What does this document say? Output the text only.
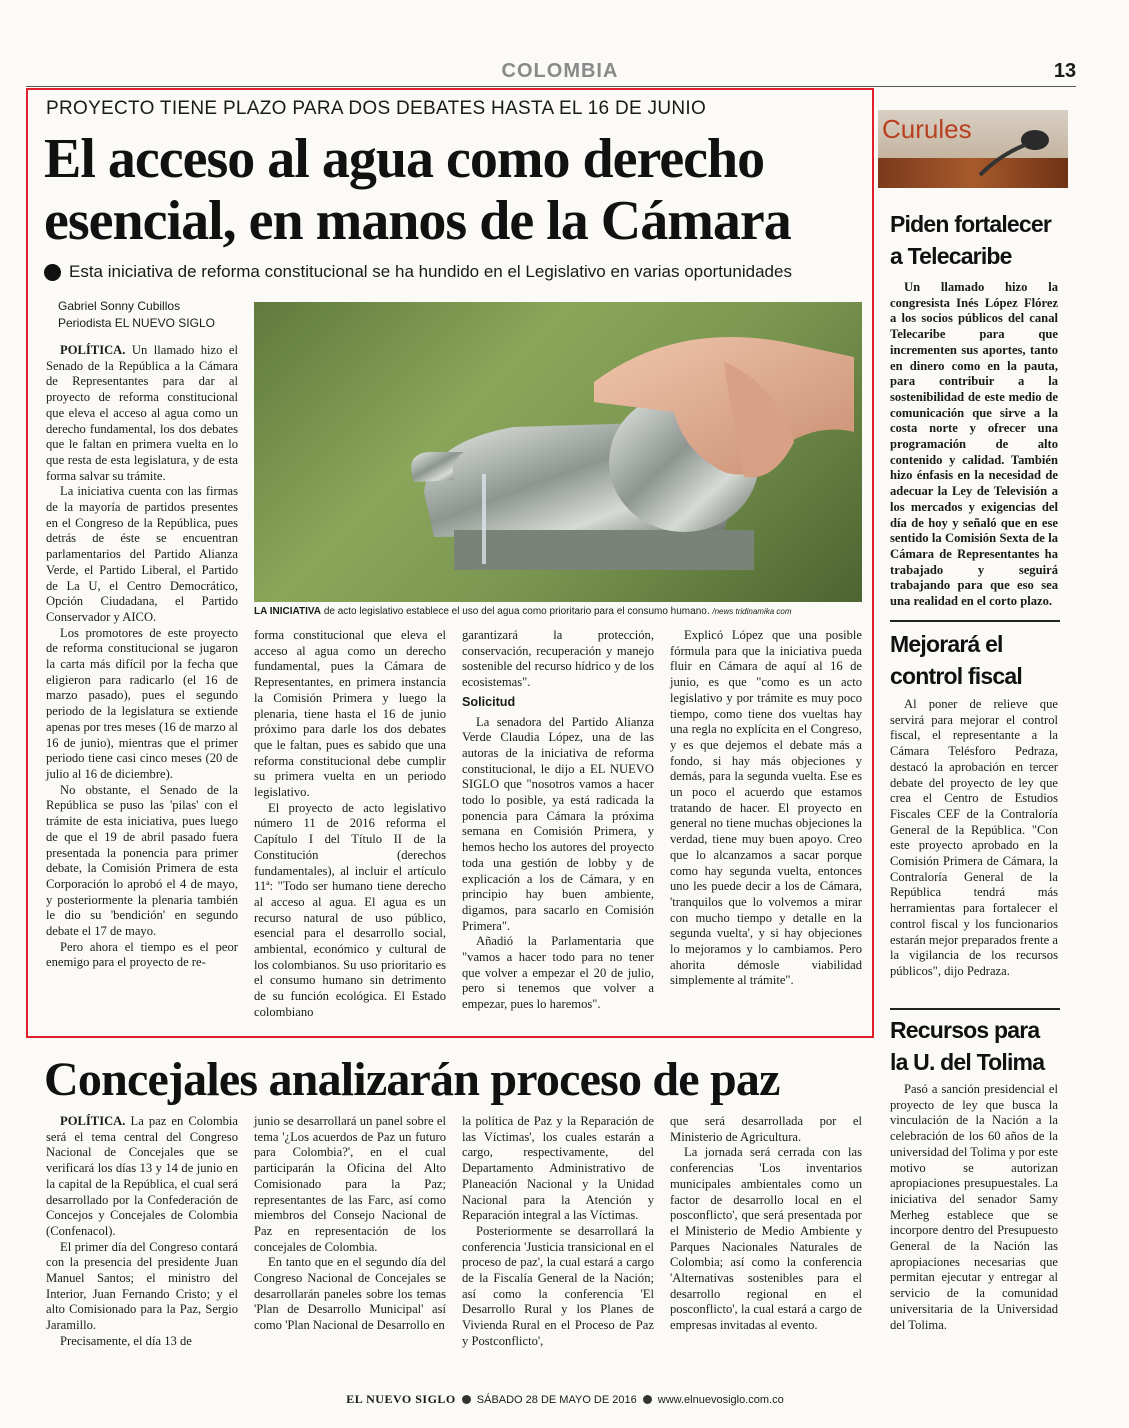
COLOMBIA	13
PROYECTO TIENE PLAZO PARA DOS DEBATES HASTA EL 16 DE JUNIO
El acceso al agua como derecho
esencial, en manos de la Cámara
Esta iniciativa de reforma constitucional se ha hundido en el Legislativo en varias oportunidades
Gabriel Sonny Cubillos
Periodista EL NUEVO SIGLO
LA INICIATIVA de acto legislativo establece el uso del agua como prioritario para el consumo humano. /news tridinamika com

POLÍTICA. Un llamado hizo el Senado de la República a la Cámara de Representantes para dar al proyecto de reforma constitucional que eleva el acceso al agua como un derecho fundamental, los dos debates que le faltan en primera vuelta en lo que resta de esta legislatura, y de esta forma salvar su trámite.

La iniciativa cuenta con las firmas de la mayoría de partidos presentes en el Congreso de la República, pues detrás de éste se encuentran parlamentarios del Partido Alianza Verde, el Partido Liberal, el Partido de La U, el Centro Democrático, Opción Ciudadana, el Partido Conservador y AICO.

Los promotores de este proyecto de reforma constitucional se jugaron la carta más difícil por la fecha que eligieron para radicarlo (el 16 de marzo pasado), pues el segundo periodo de la legislatura se extiende apenas por tres meses (16 de marzo al 16 de junio), mientras que el primer periodo tiene casi cinco meses (20 de julio al 16 de diciembre).

No obstante, el Senado de la República se puso las 'pilas' con el trámite de esta iniciativa, pues luego de que el 19 de abril pasado fuera presentada la ponencia para primer debate, la Comisión Primera de esta Corporación lo aprobó el 4 de mayo, y posteriormente la plenaria también le dio su 'bendición' en segundo debate el 17 de mayo.

Pero ahora el tiempo es el peor enemigo para el proyecto de re-

forma constitucional que eleva el acceso al agua como un derecho fundamental, pues la Cámara de Representantes, en primera instancia la Comisión Primera y luego la plenaria, tiene hasta el 16 de junio próximo para darle los dos debates que le faltan, pues es sabido que una reforma constitucional debe cumplir su primera vuelta en un periodo legislativo.

El proyecto de acto legislativo número 11 de 2016 reforma el Capítulo I del Título II de la Constitución (derechos fundamentales), al incluir el artículo 11ª: "Todo ser humano tiene derecho al acceso al agua. El agua es un recurso natural de uso público, esencial para el desarrollo social, ambiental, económico y cultural de los colombianos. Su uso prioritario es el consumo humano sin detrimento de su función ecológica. El Estado colombiano

garantizará la protección, conservación, recuperación y manejo sostenible del recurso hídrico y de los ecosistemas".

Solicitud

La senadora del Partido Alianza Verde Claudia López, una de las autoras de la iniciativa de reforma constitucional, le dijo a EL NUEVO SIGLO que "nosotros vamos a hacer todo lo posible, ya está radicada la ponencia para Cámara la próxima semana en Comisión Primera, y hemos hecho los autores del proyecto toda una gestión de lobby y de explicación a los de Cámara, y en principio hay buen ambiente, digamos, para sacarlo en Comisión Primera".

Añadió la Parlamentaria que "vamos a hacer todo para no tener que volver a empezar el 20 de julio, pero si tenemos que volver a empezar, pues lo haremos".

Explicó López que una posible fórmula para que la iniciativa pueda fluir en Cámara de aquí al 16 de junio, es que "como es un acto legislativo y por trámite es muy poco tiempo, como tiene dos vueltas hay una regla no explícita en el Congreso, y es que dejemos el debate más a fondo, si hay más objeciones y demás, para la segunda vuelta. Ese es un poco el acuerdo que estamos tratando de hacer. El proyecto en general no tiene muchas objeciones la verdad, tiene muy buen apoyo. Creo que lo alcanzamos a sacar porque como hay segunda vuelta, entonces uno les puede decir a los de Cámara, 'tranquilos que lo volvemos a mirar con mucho tiempo y detalle en la segunda vuelta', y si hay objeciones lo mejoramos y lo cambiamos. Pero ahorita démosle viabilidad simplemente al trámite".

Curules
Piden fortalecer
a Telecaribe

Un llamado hizo la congresista Inés López Flórez a los socios públicos del canal Telecaribe para que incrementen sus aportes, tanto en dinero como en la pauta, para contribuir a la sostenibilidad de este medio de comunicación que sirve a la costa norte y ofrecer una programación de alto contenido y calidad. También hizo énfasis en la necesidad de adecuar la Ley de Televisión a los mercados y exigencias del día de hoy y señaló que en ese sentido la Comisión Sexta de la Cámara de Representantes ha trabajado y seguirá trabajando para que eso sea una realidad en el corto plazo.

Mejorará el
control fiscal

Al poner de relieve que servirá para mejorar el control fiscal, el representante a la Cámara Telésforo Pedraza, destacó la aprobación en tercer debate del proyecto de ley que crea el Centro de Estudios Fiscales CEF de la Contraloría General de la República. "Con este proyecto aprobado en la Comisión Primera de Cámara, la Contraloría General de la República tendrá más herramientas para fortalecer el control fiscal y los funcionarios estarán mejor preparados frente a la vigilancia de los recursos públicos", dijo Pedraza.

Recursos para
la U. del Tolima

Pasó a sanción presidencial el proyecto de ley que busca la vinculación de la Nación a la celebración de los 60 años de la universidad del Tolima y por este motivo se autorizan apropiaciones presupuestales. La iniciativa del senador Samy Merheg establece que se incorpore dentro del Presupuesto General de la Nación las apropiaciones necesarias que permitan ejecutar y entregar al servicio de la comunidad universitaria de la Universidad del Tolima.

Concejales analizarán proceso de paz

POLÍTICA. La paz en Colombia será el tema central del Congreso Nacional de Concejales que se verificará los días 13 y 14 de junio en la capital de la República, el cual será desarrollado por la Confederación de Concejos y Concejales de Colombia (Confenacol).

El primer día del Congreso contará con la presencia del presidente Juan Manuel Santos; el ministro del Interior, Juan Fernando Cristo; y el alto Comisionado para la Paz, Sergio Jaramillo.

Precisamente, el día 13 de

junio se desarrollará un panel sobre el tema '¿Los acuerdos de Paz un futuro para Colombia?', en el cual participarán la Oficina del Alto Comisionado para la Paz; representantes de las Farc, así como miembros del Consejo Nacional de Paz en representación de los concejales de Colombia.

En tanto que en el segundo día del Congreso Nacional de Concejales se desarrollarán paneles sobre los temas 'Plan de Desarrollo Municipal' así como 'Plan Nacional de Desarrollo en

la política de Paz y la Reparación de las Víctimas', los cuales estarán a cargo, respectivamente, del Departamento Administrativo de Planeación Nacional y la Unidad Nacional para la Atención y Reparación integral a las Víctimas.

Posteriormente se desarrollará la conferencia 'Justicia transicional en el proceso de paz', la cual estará a cargo de la Fiscalía General de la Nación; así como la conferencia 'El Desarrollo Rural y los Planes de Vivienda Rural en el Proceso de Paz y Postconflicto',

que será desarrollada por el Ministerio de Agricultura.

La jornada será cerrada con las conferencias 'Los inventarios municipales ambientales como un factor de desarrollo local en el posconflicto', que será presentada por el Ministerio de Medio Ambiente y Parques Nacionales Naturales de Colombia; así como la conferencia 'Alternativas sostenibles para el desarrollo regional en el posconflicto', la cual estará a cargo de empresas invitadas al evento.

EL NUEVO SIGLO SÁBADO 28 DE MAYO DE 2016 www.elnuevosiglo.com.co
